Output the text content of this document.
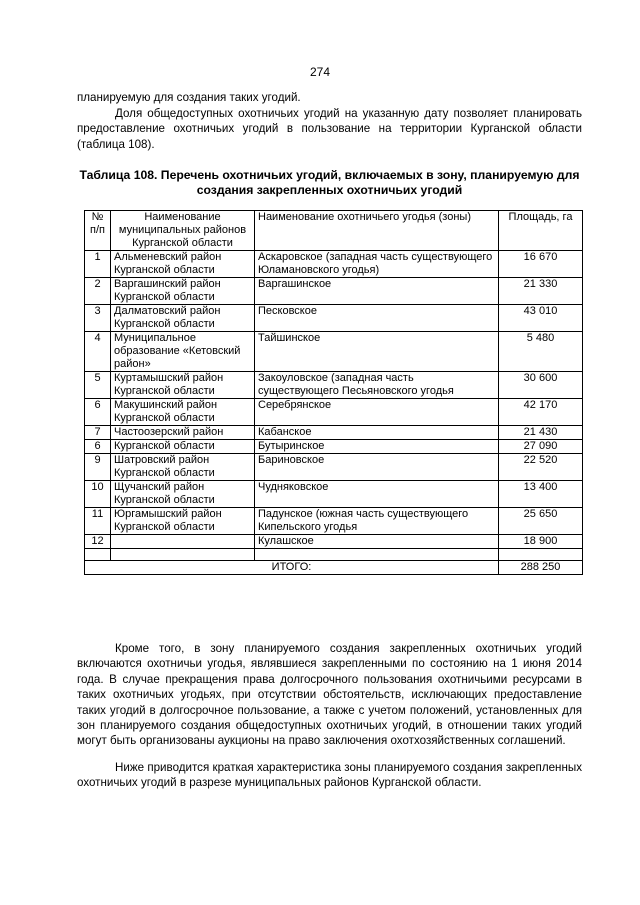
274

планируемую для создания таких угодий.

Доля общедоступных охотничьих угодий на указанную дату позволяет планировать предоставление охотничьих угодий в пользование на территории Курганской области (таблица 108).

Таблица 108. Перечень охотничьих угодий, включаемых в зону, планируемую для создания закрепленных охотничьих угодий

№ п/п	Наименование муниципальных районов Курганской области	Наименование охотничьего угодья (зоны)	Площадь, га
1	Альменевский район Курганской области	Аскаровское (западная часть существующего Юламановского угодья)	16 670
2	Варгашинский район Курганской области	Варгашинское	21 330
3	Далматовский район Курганской области	Песковское	43 010
4	Муниципальное образование «Кетовский район»	Тайшинское	5 480
5	Куртамышский район Курганской области	Закоуловское (западная часть существующего Песьяновского угодья	30 600
6	Макушинский район Курганской области	Серебрянское	42 170
7	Частоозерский район	Кабанское	21 430
6	Курганской области	Бутыринское	27 090
9	Шатровский район Курганской области	Бариновское	22 520
10	Щучанский район Курганской области	Чудняковское	13 400
11	Юргамышский район Курганской области	Падунское (южная часть существующего Кипельского угодья	25 650
12		Кулашское	18 900

ИТОГО:			288 250

Кроме того, в зону планируемого создания закрепленных охотничьих угодий включаются охотничьи угодья, являвшиеся закрепленными по состоянию на 1 июня 2014 года. В случае прекращения права долгосрочного пользования охотничьими ресурсами в таких охотничьих угодьях, при отсутствии обстоятельств, исключающих предоставление таких угодий в долгосрочное пользование, а также с учетом положений, установленных для зон планируемого создания общедоступных охотничьих угодий, в отношении таких угодий могут быть организованы аукционы на право заключения охотхозяйственных соглашений.

Ниже приводится краткая характеристика зоны планируемого создания закрепленных охотничьих угодий в разрезе муниципальных районов Курганской области.
